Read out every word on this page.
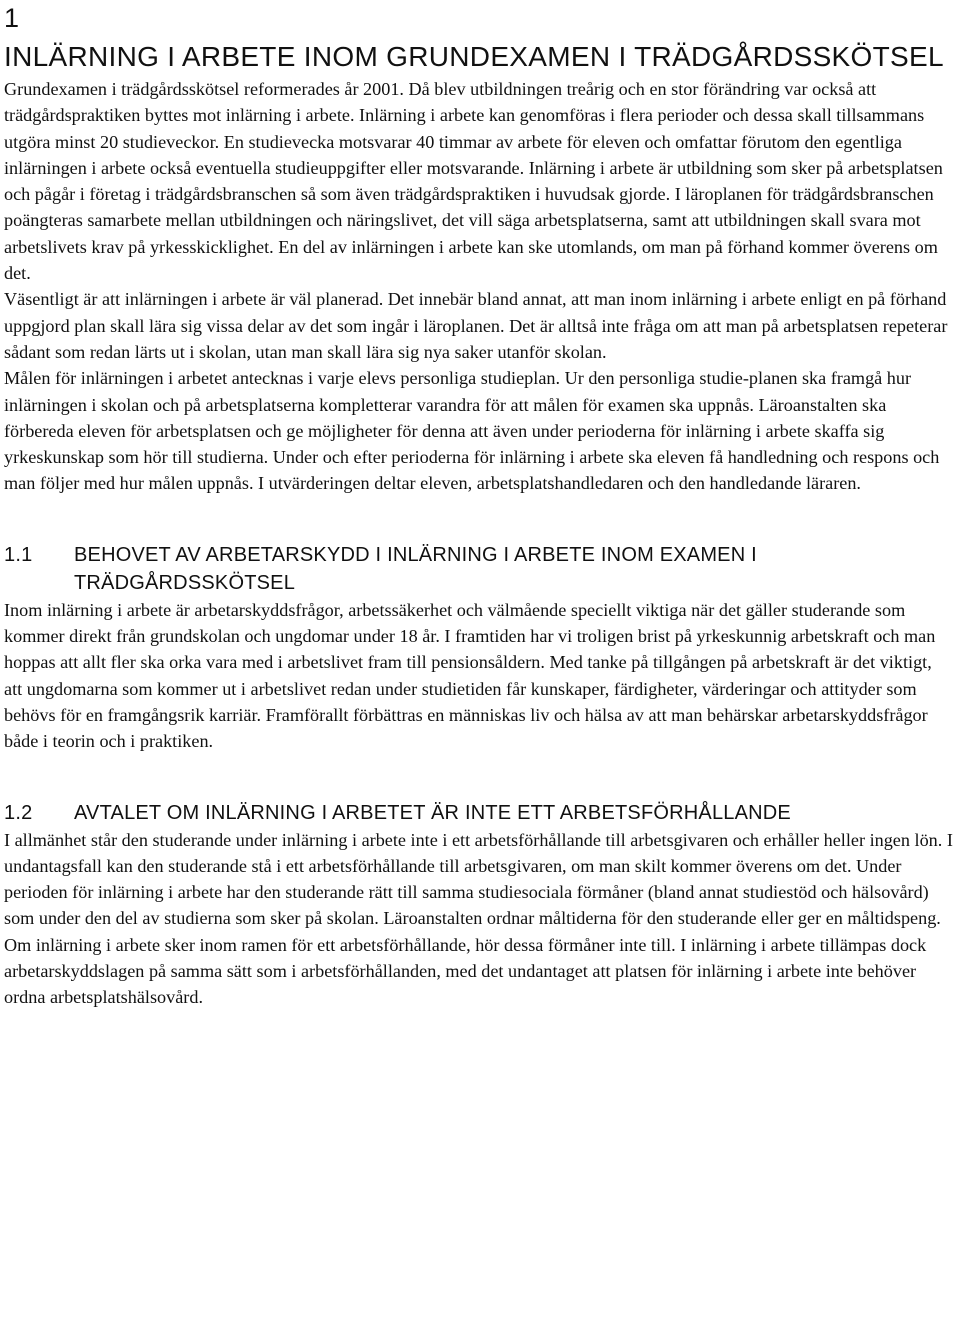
1
INLÄRNING I ARBETE INOM GRUNDEXAMEN I TRÄDGÅRDSSKÖTSEL

Grundexamen i trädgårdsskötsel reformerades år 2001. Då blev utbildningen treårig och en stor förändring var också att trädgårdspraktiken byttes mot inlärning i arbete. Inlärning i arbete kan genomföras i flera perioder och dessa skall tillsammans utgöra minst 20 studieveckor. En studievecka motsvarar 40 timmar av arbete för eleven och omfattar förutom den egentliga inlärningen i arbete också eventuella studieuppgifter eller motsvarande. Inlärning i arbete är utbildning som sker på arbetsplatsen och pågår i företag i trädgårdsbranschen så som även trädgårdspraktiken i huvudsak gjorde. I läroplanen för trädgårdsbranschen poängteras samarbete mellan utbildningen och näringslivet, det vill säga arbetsplatserna, samt att utbildningen skall svara mot arbetslivets krav på yrkesskicklighet. En del av inlärningen i arbete kan ske utomlands, om man på förhand kommer överens om det.

Väsentligt är att inlärningen i arbete är väl planerad. Det innebär bland annat, att man inom inlärning i arbete enligt en på förhand uppgjord plan skall lära sig vissa delar av det som ingår i läroplanen. Det är alltså inte fråga om att man på arbetsplatsen repeterar sådant som redan lärts ut i skolan, utan man skall lära sig nya saker utanför skolan.

Målen för inlärningen i arbetet antecknas i varje elevs personliga studieplan. Ur den personliga studie-planen ska framgå hur inlärningen i skolan och på arbetsplatserna kompletterar varandra för att målen för examen ska uppnås. Läroanstalten ska förbereda eleven för arbetsplatsen och ge möjligheter för denna att även under perioderna för inlärning i arbete skaffa sig yrkeskunskap som hör till studierna. Under och efter perioderna för inlärning i arbete ska eleven få handledning och respons och man följer med hur målen uppnås. I utvärderingen deltar eleven, arbetsplatshandledaren och den handledande läraren.

1.1	BEHOVET AV ARBETARSKYDD I INLÄRNING I ARBETE INOM EXAMEN I TRÄDGÅRDSSKÖTSEL

Inom inlärning i arbete är arbetarskyddsfrågor, arbetssäkerhet och välmående speciellt viktiga när det gäller studerande som kommer direkt från grundskolan och ungdomar under 18 år. I framtiden har vi troligen brist på yrkeskunnig arbetskraft och man hoppas att allt fler ska orka vara med i arbetslivet fram till pensionsåldern. Med tanke på tillgången på arbetskraft är det viktigt, att ungdomarna som kommer ut i arbetslivet redan under studietiden får kunskaper, färdigheter, värderingar och attityder som behövs för en framgångsrik karriär. Framförallt förbättras en människas liv och hälsa av att man behärskar arbetarskyddsfrågor både i teorin och i praktiken.

1.2	AVTALET OM INLÄRNING I ARBETET ÄR INTE ETT ARBETSFÖRHÅLLANDE

I allmänhet står den studerande under inlärning i arbete inte i ett arbetsförhållande till arbetsgivaren och erhåller heller ingen lön. I undantagsfall kan den studerande stå i ett arbetsförhållande till arbetsgivaren, om man skilt kommer överens om det. Under perioden för inlärning i arbete har den studerande rätt till samma studiesociala förmåner (bland annat studiestöd och hälsovård) som under den del av studierna som sker på skolan. Läroanstalten ordnar måltiderna för den studerande eller ger en måltidspeng. Om inlärning i arbete sker inom ramen för ett arbetsförhållande, hör dessa förmåner inte till. I inlärning i arbete tillämpas dock arbetarskyddslagen på samma sätt som i arbetsförhållanden, med det undantaget att platsen för inlärning i arbete inte behöver ordna arbetsplatshälsovård.
